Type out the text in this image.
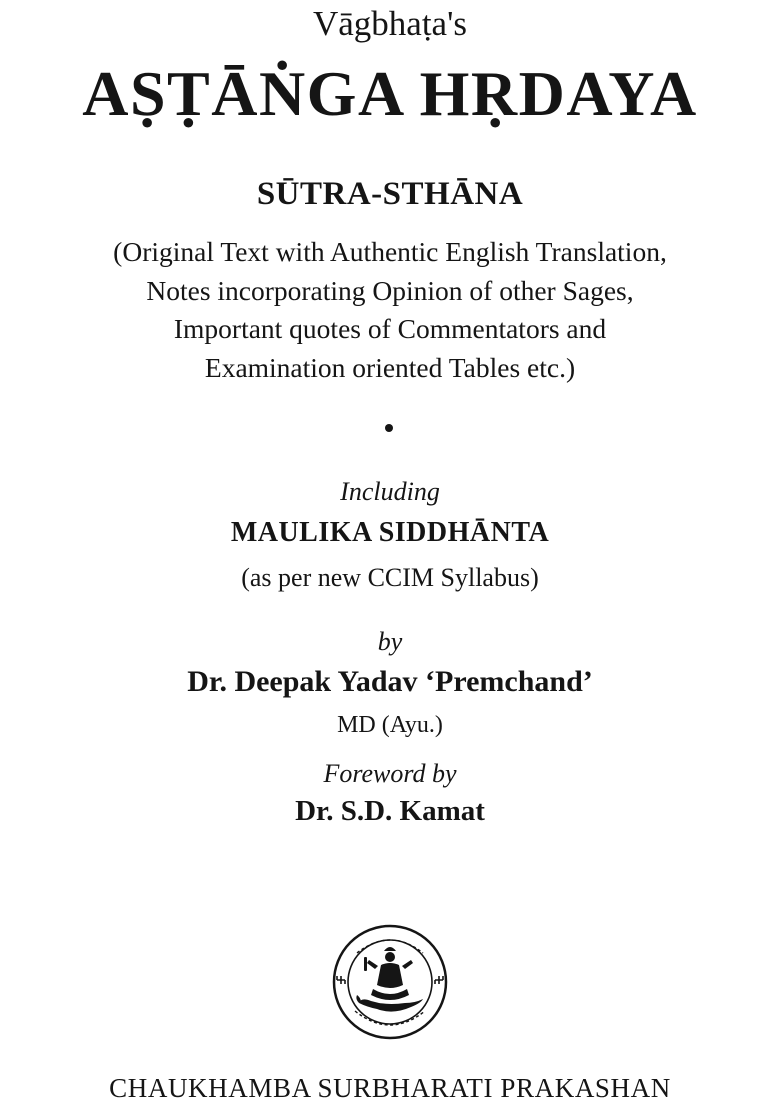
Vāgbhaṭa's
AṢṬĀṄGA HṚDAYA
SŪTRA-STHĀNA
(Original Text with Authentic English Translation,
Notes incorporating Opinion of other Sages,
Important quotes of Commentators and
Examination oriented Tables etc.)
Including
MAULIKA SIDDHĀNTA
(as per new CCIM Syllabus)
by
Dr. Deepak Yadav ‘Premchand’
MD (Ayu.)
Foreword by
Dr. S.D. Kamat
CHAUKHAMBA SURBHARATI PRAKASHAN
